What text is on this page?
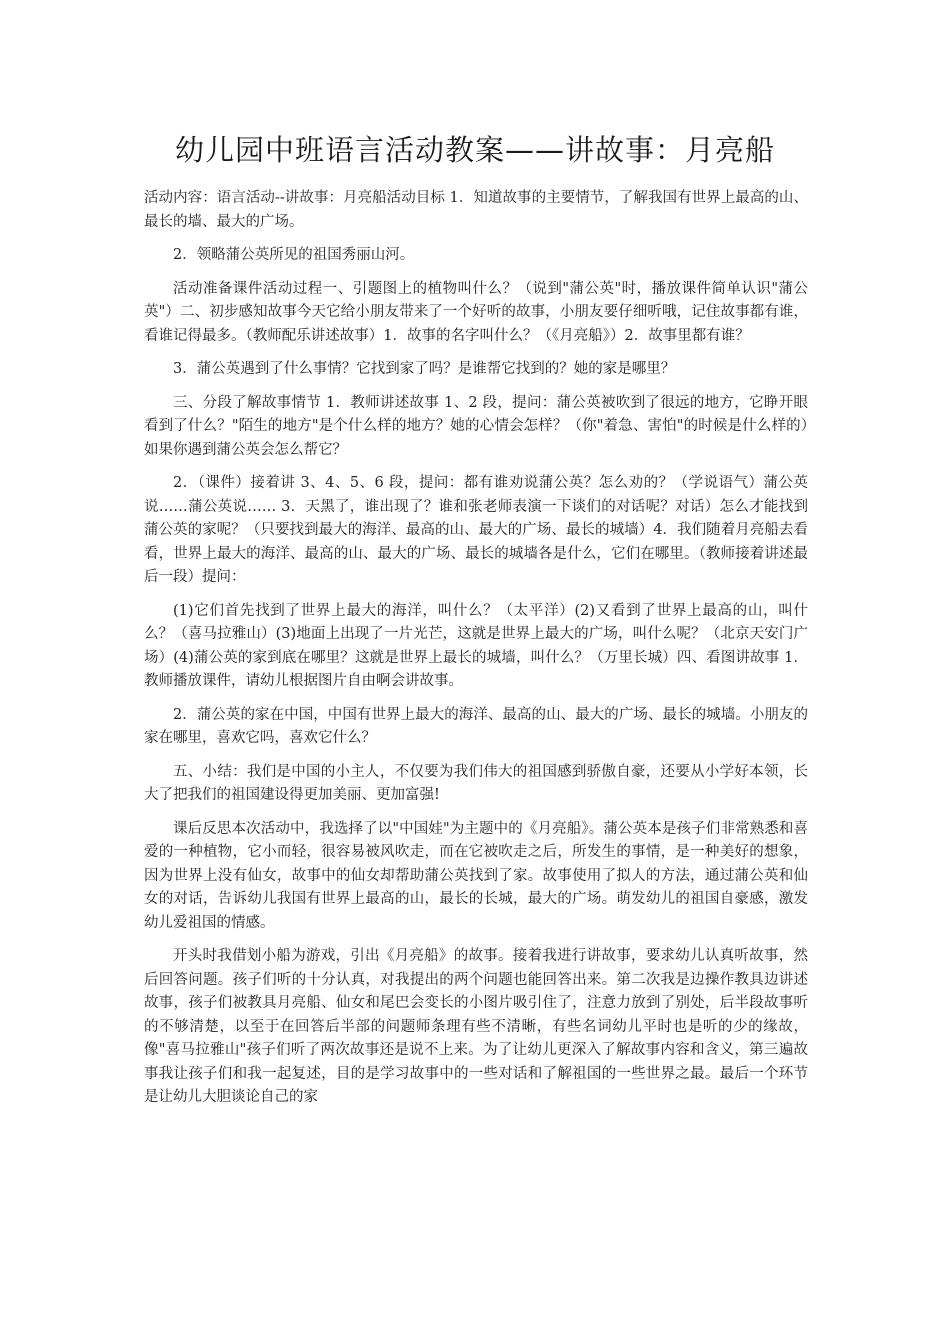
幼儿园中班语言活动教案——讲故事：月亮船

活动内容：语言活动--讲故事：月亮船活动目标 1．知道故事的主要情节，了解我国有世界上最高的山、最长的墙、最大的广场。

2．领略蒲公英所见的祖国秀丽山河。

活动准备课件活动过程一、引题图上的植物叫什么？（说到"蒲公英"时，播放课件简单认识"蒲公英"）二、初步感知故事今天它给小朋友带来了一个好听的故事，小朋友要仔细听哦，记住故事都有谁，看谁记得最多。（教师配乐讲述故事）1．故事的名字叫什么？（《月亮船》）2．故事里都有谁？

3．蒲公英遇到了什么事情？它找到家了吗？是谁帮它找到的？她的家是哪里？

三、分段了解故事情节 1．教师讲述故事 1、2 段，提问：蒲公英被吹到了很远的地方，它睁开眼看到了什么？"陌生的地方"是个什么样的地方？她的心情会怎样？（你"着急、害怕"的时候是什么样的）如果你遇到蒲公英会怎么帮它？

2．（课件）接着讲 3、4、5、6 段，提问：都有谁劝说蒲公英？怎么劝的？（学说语气）蒲公英说……蒲公英说…… 3．天黑了，谁出现了？谁和张老师表演一下谈们的对话呢？对话）怎么才能找到蒲公英的家呢？（只要找到最大的海洋、最高的山、最大的广场、最长的城墙）4．我们随着月亮船去看看，世界上最大的海洋、最高的山、最大的广场、最长的城墙各是什么，它们在哪里。（教师接着讲述最后一段）提问：

(1)它们首先找到了世界上最大的海洋，叫什么？（太平洋）(2)又看到了世界上最高的山，叫什么？（喜马拉雅山）(3)地面上出现了一片光芒，这就是世界上最大的广场，叫什么呢？（北京天安门广场）(4)蒲公英的家到底在哪里？这就是世界上最长的城墙，叫什么？（万里长城）四、看图讲故事 1．教师播放课件，请幼儿根据图片自由啊会讲故事。

2．蒲公英的家在中国，中国有世界上最大的海洋、最高的山、最大的广场、最长的城墙。小朋友的家在哪里，喜欢它吗，喜欢它什么？

五、小结：我们是中国的小主人，不仅要为我们伟大的祖国感到骄傲自豪，还要从小学好本领，长大了把我们的祖国建设得更加美丽、更加富强!

课后反思本次活动中，我选择了以"中国娃"为主题中的《月亮船》。蒲公英本是孩子们非常熟悉和喜爱的一种植物，它小而轻，很容易被风吹走，而在它被吹走之后，所发生的事情，是一种美好的想象，因为世界上没有仙女，故事中的仙女却帮助蒲公英找到了家。故事使用了拟人的方法，通过蒲公英和仙女的对话，告诉幼儿我国有世界上最高的山，最长的长城，最大的广场。萌发幼儿的祖国自豪感，激发幼儿爱祖国的情感。

开头时我借划小船为游戏，引出《月亮船》的故事。接着我进行讲故事，要求幼儿认真听故事，然后回答问题。孩子们听的十分认真，对我提出的两个问题也能回答出来。第二次我是边操作教具边讲述故事，孩子们被教具月亮船、仙女和尾巴会变长的小图片吸引住了，注意力放到了别处，后半段故事听的不够清楚，以至于在回答后半部的问题师条理有些不清晰，有些名词幼儿平时也是听的少的缘故，像"喜马拉雅山"孩子们听了两次故事还是说不上来。为了让幼儿更深入了解故事内容和含义，第三遍故事我让孩子们和我一起复述，目的是学习故事中的一些对话和了解祖国的一些世界之最。最后一个环节是让幼儿大胆谈论自己的家
